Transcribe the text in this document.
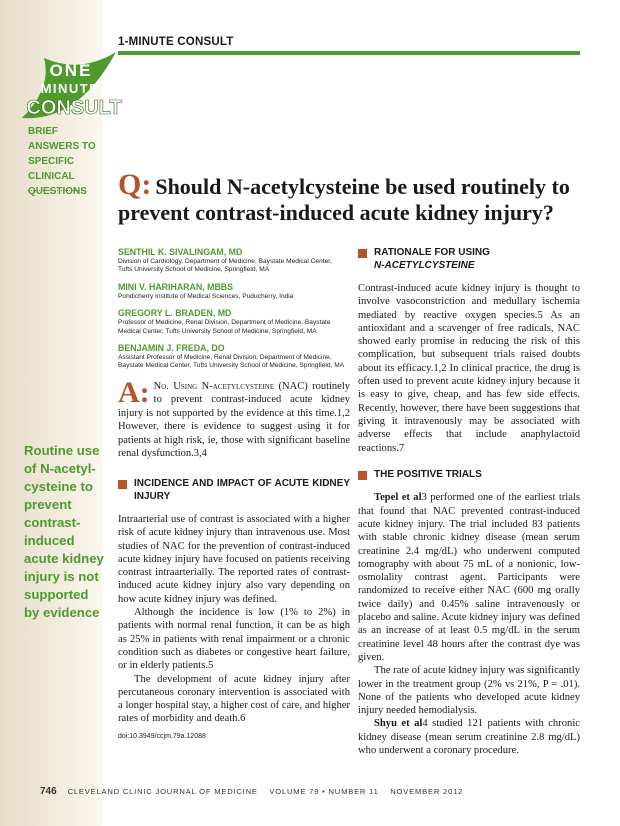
ONE
MINUTE
CONSULT
BRIEF ANSWERS TO SPECIFIC CLINICAL QUESTIONS
Routine use of N-acetyl-cysteine to prevent contrast-induced acute kidney injury is not supported by evidence
1-MINUTE CONSULT
Q: Should N-acetylcysteine be used routinely to prevent contrast-induced acute kidney injury?
SENTHIL K. SIVALINGAM, MD
Division of Cardiology, Department of Medicine, Baystate Medical Center, Tufts University School of Medicine, Springfield, MA
MINI V. HARIHARAN, MBBS
Pondicherry Institute of Medical Sciences, Puducherry, India
GREGORY L. BRADEN, MD
Professor of Medicine, Renal Division, Department of Medicine, Baystate Medical Center, Tufts University School of Medicine, Springfield, MA
BENJAMIN J. FREDA, DO
Assistant Professor of Medicine, Renal Division, Department of Medicine, Baystate Medical Center, Tufts University School of Medicine, Springfield, MA
A: No. Using N-acetylcysteine (NAC) routinely to prevent contrast-induced acute kidney injury is not supported by the evidence at this time.1,2 However, there is evidence to suggest using it for patients at high risk, ie, those with significant baseline renal dysfunction.3,4
INCIDENCE AND IMPACT OF ACUTE KIDNEY INJURY

Intraarterial use of contrast is associated with a higher risk of acute kidney injury than intravenous use. Most studies of NAC for the prevention of contrast-induced acute kidney injury have focused on patients receiving contrast intraarterially. The reported rates of contrast-induced acute kidney injury also vary depending on how acute kidney injury was defined.

Although the incidence is low (1% to 2%) in patients with normal renal function, it can be as high as 25% in patients with renal impairment or a chronic condition such as diabetes or congestive heart failure, or in elderly patients.5

The development of acute kidney injury after percutaneous coronary intervention is associated with a longer hospital stay, a higher cost of care, and higher rates of morbidity and death.6

doi:10.3949/ccjm.79a.12088
RATIONALE FOR USING
N-ACETYLCYSTEINE

Contrast-induced acute kidney injury is thought to involve vasoconstriction and medullary ischemia mediated by reactive oxygen species.5 As an antioxidant and a scavenger of free radicals, NAC showed early promise in reducing the risk of this complication, but subsequent trials raised doubts about its efficacy.1,2 In clinical practice, the drug is often used to prevent acute kidney injury because it is easy to give, cheap, and has few side effects. Recently, however, there have been suggestions that giving it intravenously may be associated with adverse effects that include anaphylactoid reactions.7

THE POSITIVE TRIALS

Tepel et al3 performed one of the earliest trials that found that NAC prevented contrast-induced acute kidney injury. The trial included 83 patients with stable chronic kidney disease (mean serum creatinine 2.4 mg/dL) who underwent computed tomography with about 75 mL of a nonionic, low-osmolality contrast agent. Participants were randomized to receive either NAC (600 mg orally twice daily) and 0.45% saline intravenously or placebo and saline. Acute kidney injury was defined as an increase of at least 0.5 mg/dL in the serum creatinine level 48 hours after the contrast dye was given.

The rate of acute kidney injury was significantly lower in the treatment group (2% vs 21%, P = .01). None of the patients who developed acute kidney injury needed hemodialysis.

Shyu et al4 studied 121 patients with chronic kidney disease (mean serum creatinine 2.8 mg/dL) who underwent a coronary procedure.

746 CLEVELAND CLINIC JOURNAL OF MEDICINE VOLUME 79 • NUMBER 11 NOVEMBER 2012
